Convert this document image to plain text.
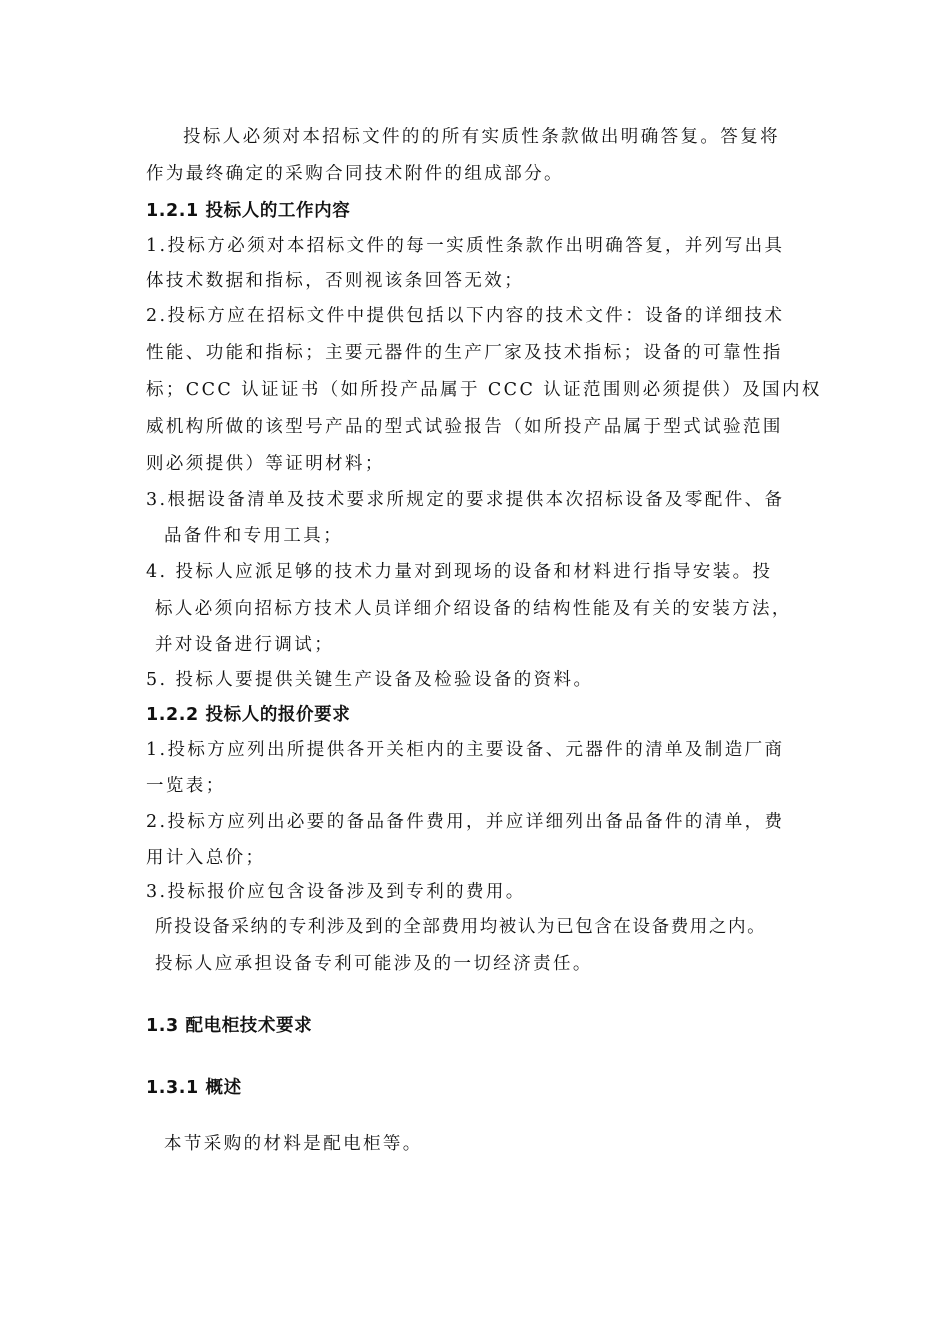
投标人必须对本招标文件的的所有实质性条款做出明确答复。答复将
作为最终确定的采购合同技术附件的组成部分。
1.2.1 投标人的工作内容
1.投标方必须对本招标文件的每一实质性条款作出明确答复，并列写出具
体技术数据和指标，否则视该条回答无效；
2.投标方应在招标文件中提供包括以下内容的技术文件：设备的详细技术
性能、功能和指标；主要元器件的生产厂家及技术指标；设备的可靠性指
标；CCC 认证证书（如所投产品属于 CCC 认证范围则必须提供）及国内权
威机构所做的该型号产品的型式试验报告（如所投产品属于型式试验范围
则必须提供）等证明材料；
3.根据设备清单及技术要求所规定的要求提供本次招标设备及零配件、备
品备件和专用工具；
4. 投标人应派足够的技术力量对到现场的设备和材料进行指导安装。投
标人必须向招标方技术人员详细介绍设备的结构性能及有关的安装方法，
并对设备进行调试；
5. 投标人要提供关键生产设备及检验设备的资料。
1.2.2 投标人的报价要求
1.投标方应列出所提供各开关柜内的主要设备、元器件的清单及制造厂商
一览表；
2.投标方应列出必要的备品备件费用，并应详细列出备品备件的清单，费
用计入总价；
3.投标报价应包含设备涉及到专利的费用。
所投设备采纳的专利涉及到的全部费用均被认为已包含在设备费用之内。
投标人应承担设备专利可能涉及的一切经济责任。
1.3 配电柜技术要求
1.3.1 概述
本节采购的材料是配电柜等。
